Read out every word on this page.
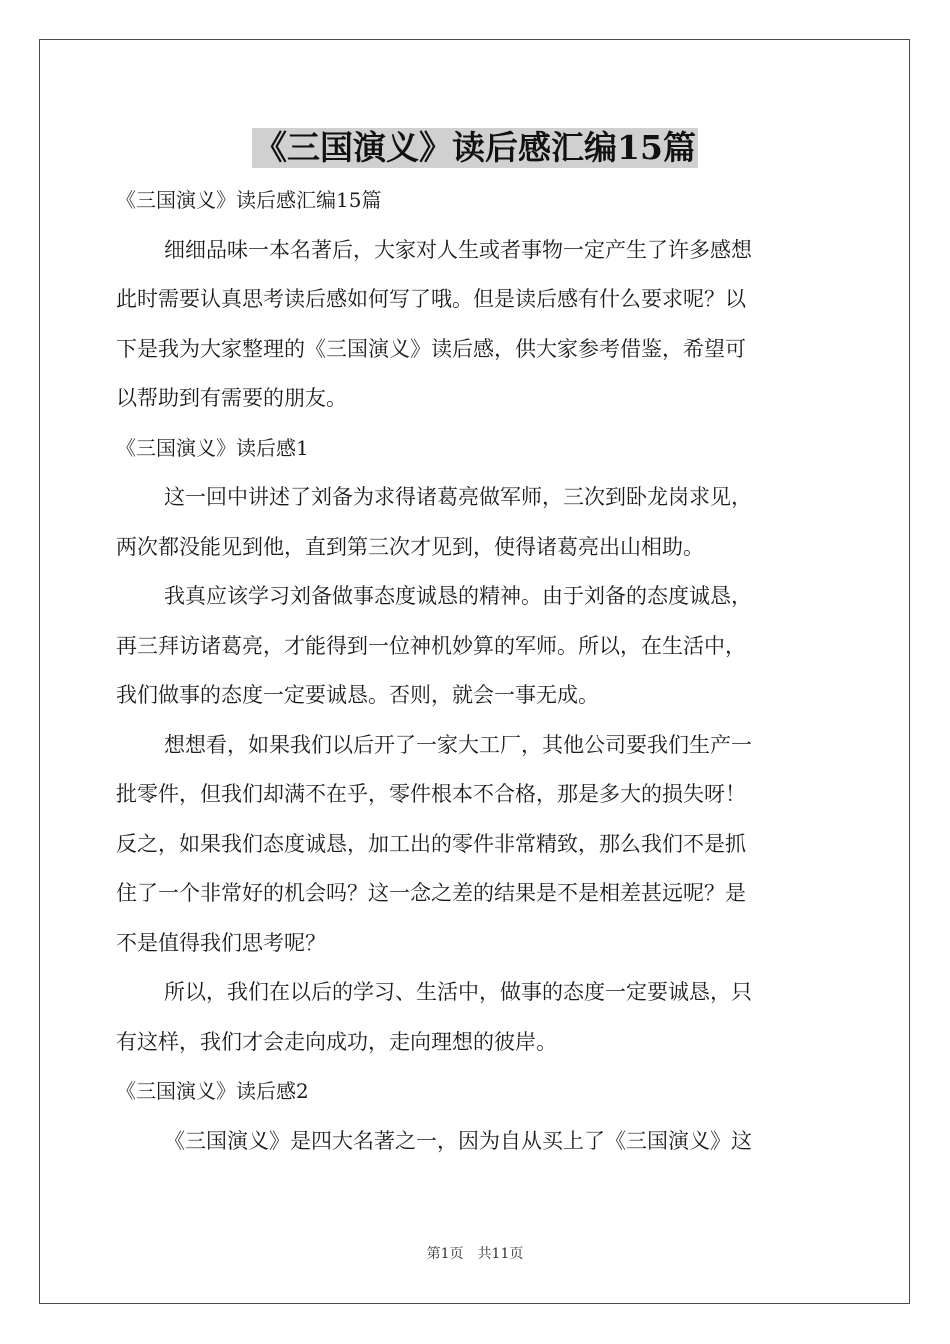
《三国演义》读后感汇编15篇
《三国演义》读后感汇编15篇
细细品味一本名著后，大家对人生或者事物一定产生了许多感想
此时需要认真思考读后感如何写了哦。但是读后感有什么要求呢？以
下是我为大家整理的《三国演义》读后感，供大家参考借鉴，希望可
以帮助到有需要的朋友。
《三国演义》读后感1
这一回中讲述了刘备为求得诸葛亮做军师，三次到卧龙岗求见，
两次都没能见到他，直到第三次才见到，使得诸葛亮出山相助。
我真应该学习刘备做事态度诚恳的精神。由于刘备的态度诚恳，
再三拜访诸葛亮，才能得到一位神机妙算的军师。所以，在生活中，
我们做事的态度一定要诚恳。否则，就会一事无成。
想想看，如果我们以后开了一家大工厂，其他公司要我们生产一
批零件，但我们却满不在乎，零件根本不合格，那是多大的损失呀！
反之，如果我们态度诚恳，加工出的零件非常精致，那么我们不是抓
住了一个非常好的机会吗？这一念之差的结果是不是相差甚远呢？是
不是值得我们思考呢？
所以，我们在以后的学习、生活中，做事的态度一定要诚恳，只
有这样，我们才会走向成功，走向理想的彼岸。
《三国演义》读后感2
《三国演义》是四大名著之一，因为自从买上了《三国演义》这
第1页 共11页
